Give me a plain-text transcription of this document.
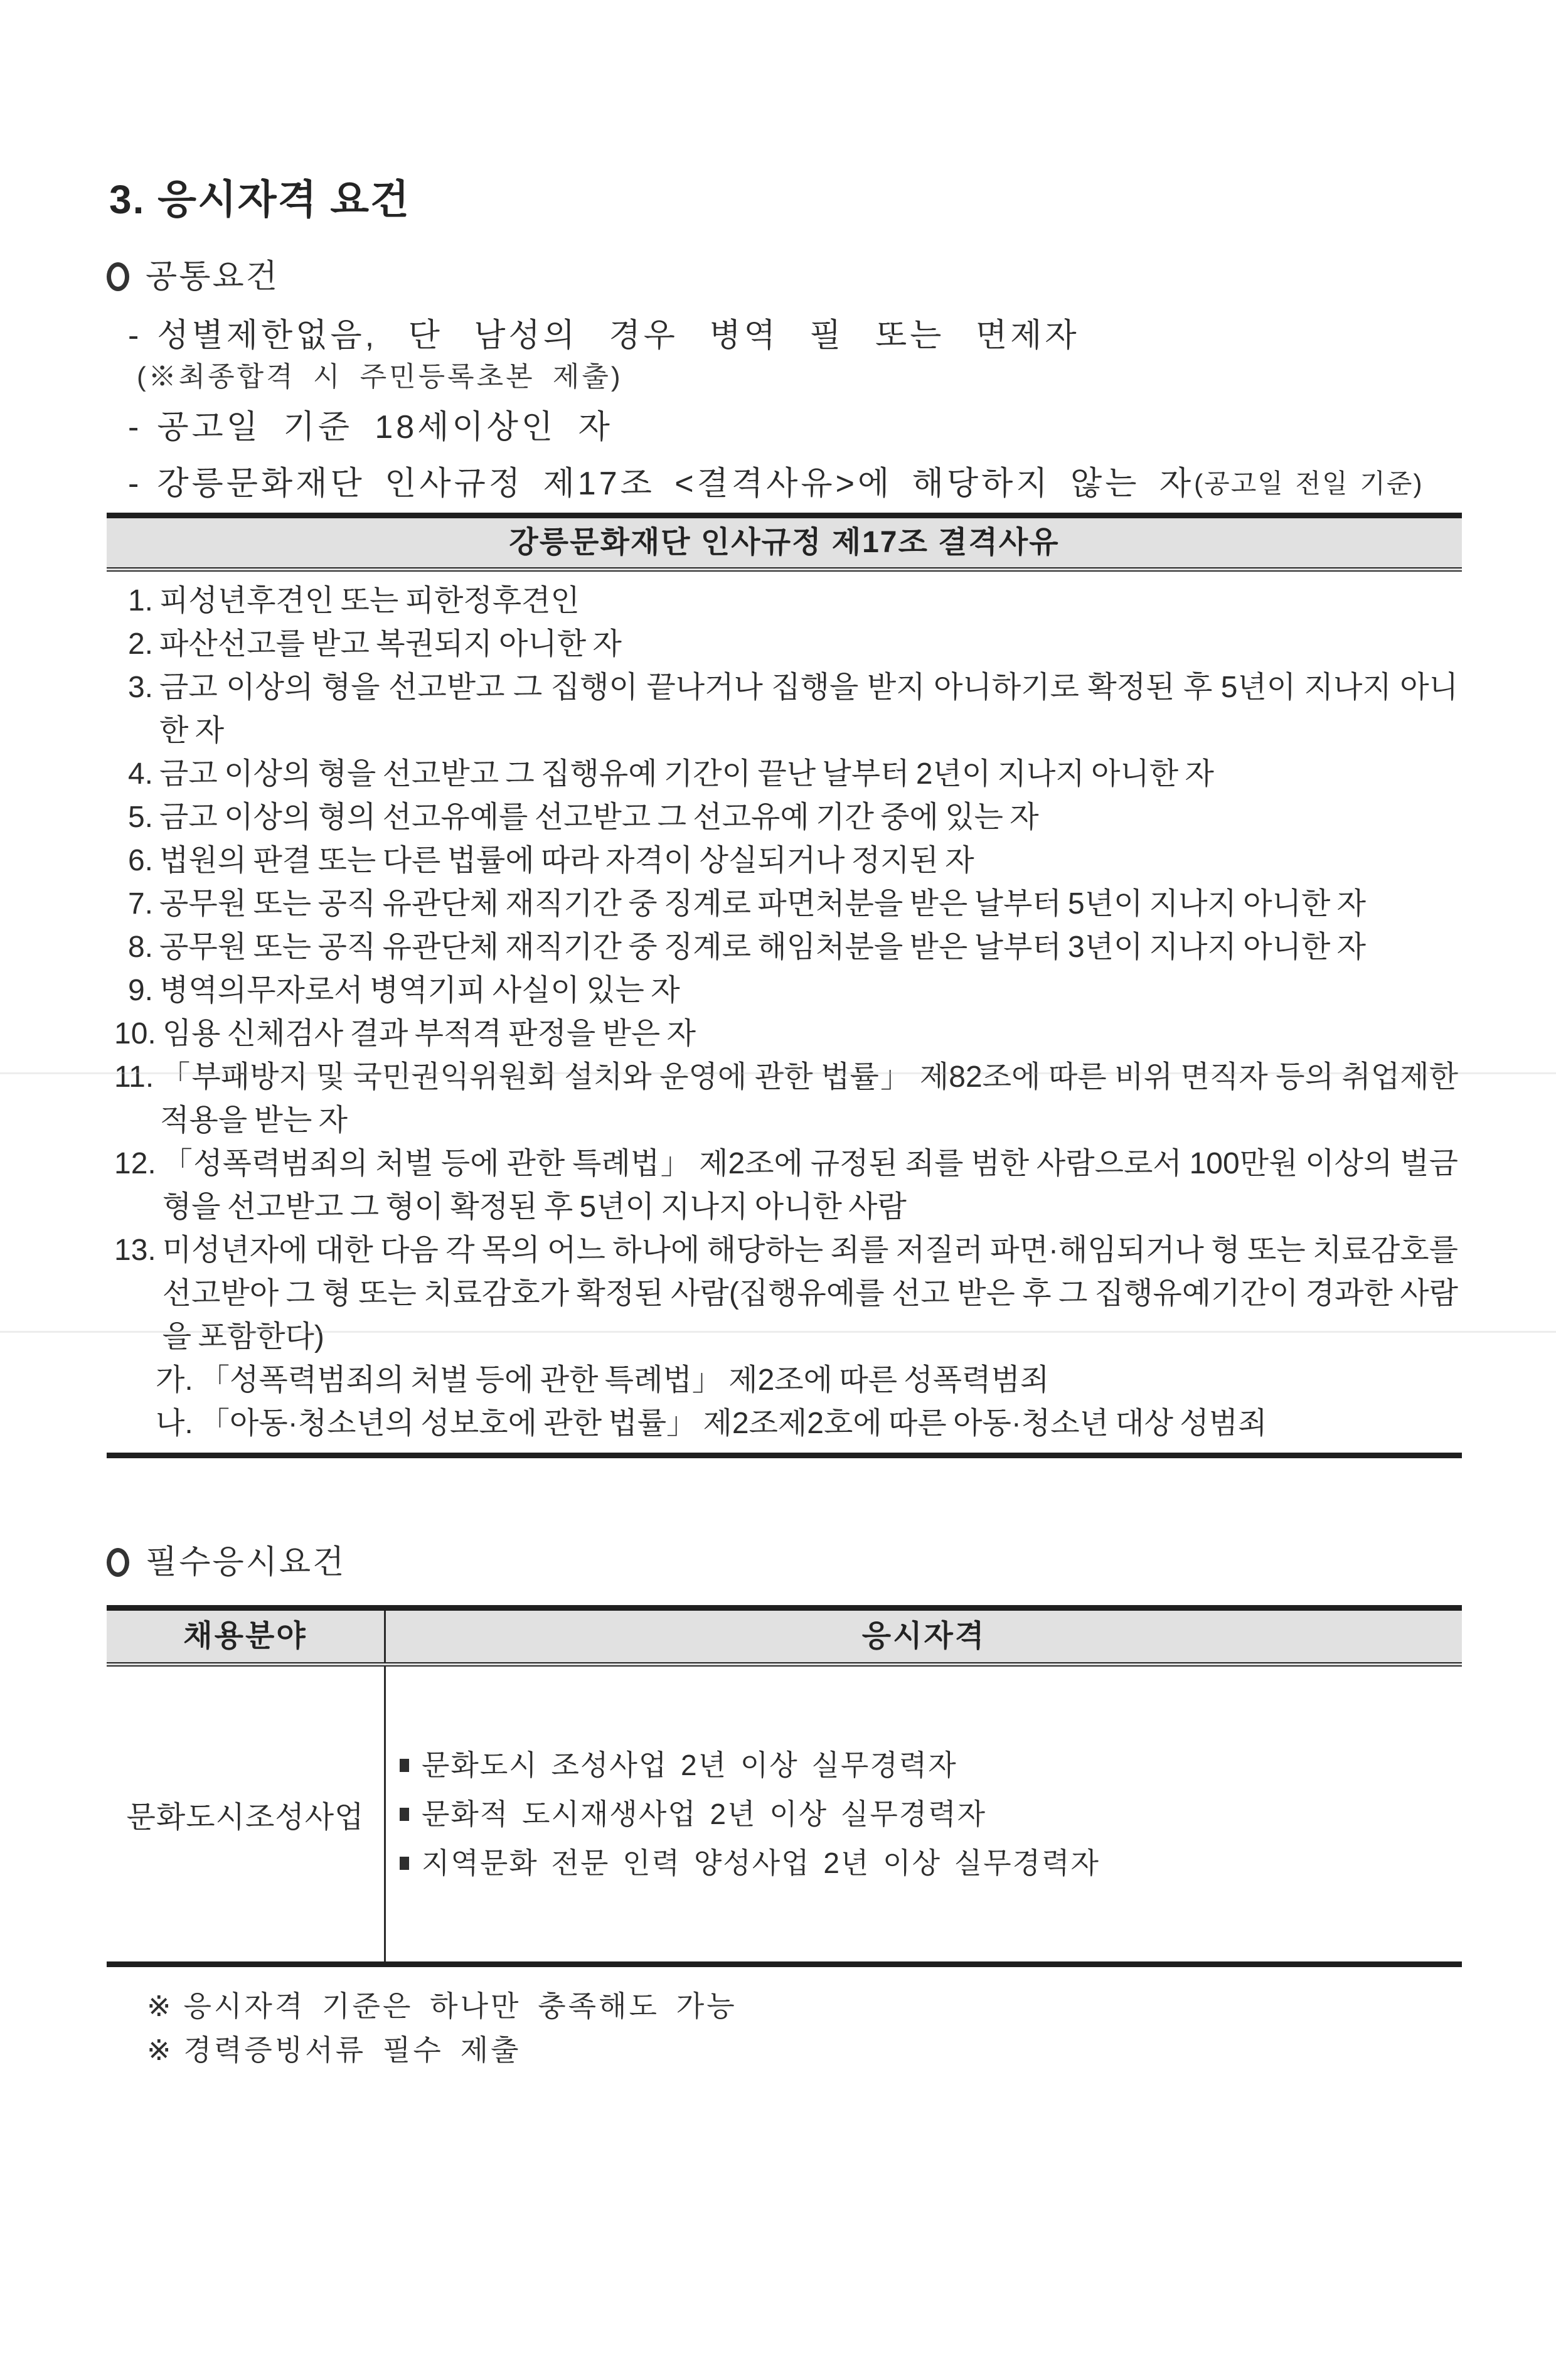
3. 응시자격 요건
공통요건
- 성별제한없음, 단 남성의 경우 병역 필 또는 면제자
(※최종합격 시 주민등록초본 제출)
- 공고일 기준 18세이상인 자
- 강릉문화재단 인사규정 제17조 <결격사유>에 해당하지 않는 자 (공고일 전일 기준)
강릉문화재단 인사규정 제17조 결격사유
1. 피성년후견인 또는 피한정후견인
2. 파산선고를 받고 복권되지 아니한 자
3. 금고 이상의 형을 선고받고 그 집행이 끝나거나 집행을 받지 아니하기로 확정된 후 5년이 지나지 아니한 자
4. 금고 이상의 형을 선고받고 그 집행유예 기간이 끝난 날부터 2년이 지나지 아니한 자
5. 금고 이상의 형의 선고유예를 선고받고 그 선고유예 기간 중에 있는 자
6. 법원의 판결 또는 다른 법률에 따라 자격이 상실되거나 정지된 자
7. 공무원 또는 공직 유관단체 재직기간 중 징계로 파면처분을 받은 날부터 5년이 지나지 아니한 자
8. 공무원 또는 공직 유관단체 재직기간 중 징계로 해임처분을 받은 날부터 3년이 지나지 아니한 자
9. 병역의무자로서 병역기피 사실이 있는 자
10. 임용 신체검사 결과 부적격 판정을 받은 자
11. 「부패방지 및 국민권익위원회 설치와 운영에 관한 법률」 제82조에 따른 비위 면직자 등의 취업제한 적용을 받는 자
12. 「성폭력범죄의 처벌 등에 관한 특례법」 제2조에 규정된 죄를 범한 사람으로서 100만원 이상의 벌금형을 선고받고 그 형이 확정된 후 5년이 지나지 아니한 사람
13. 미성년자에 대한 다음 각 목의 어느 하나에 해당하는 죄를 저질러 파면·해임되거나 형 또는 치료감호를 선고받아 그 형 또는 치료감호가 확정된 사람(집행유예를 선고 받은 후 그 집행유예기간이 경과한 사람을 포함한다)
가. 「성폭력범죄의 처벌 등에 관한 특례법」 제2조에 따른 성폭력범죄
나. 「아동·청소년의 성보호에 관한 법률」 제2조제2호에 따른 아동·청소년 대상 성범죄
필수응시요건
채용분야	응시자격
문화도시조성사업
문화도시 조성사업 2년 이상 실무경력자
문화적 도시재생사업 2년 이상 실무경력자
지역문화 전문 인력 양성사업 2년 이상 실무경력자
※ 응시자격 기준은 하나만 충족해도 가능
※ 경력증빙서류 필수 제출
